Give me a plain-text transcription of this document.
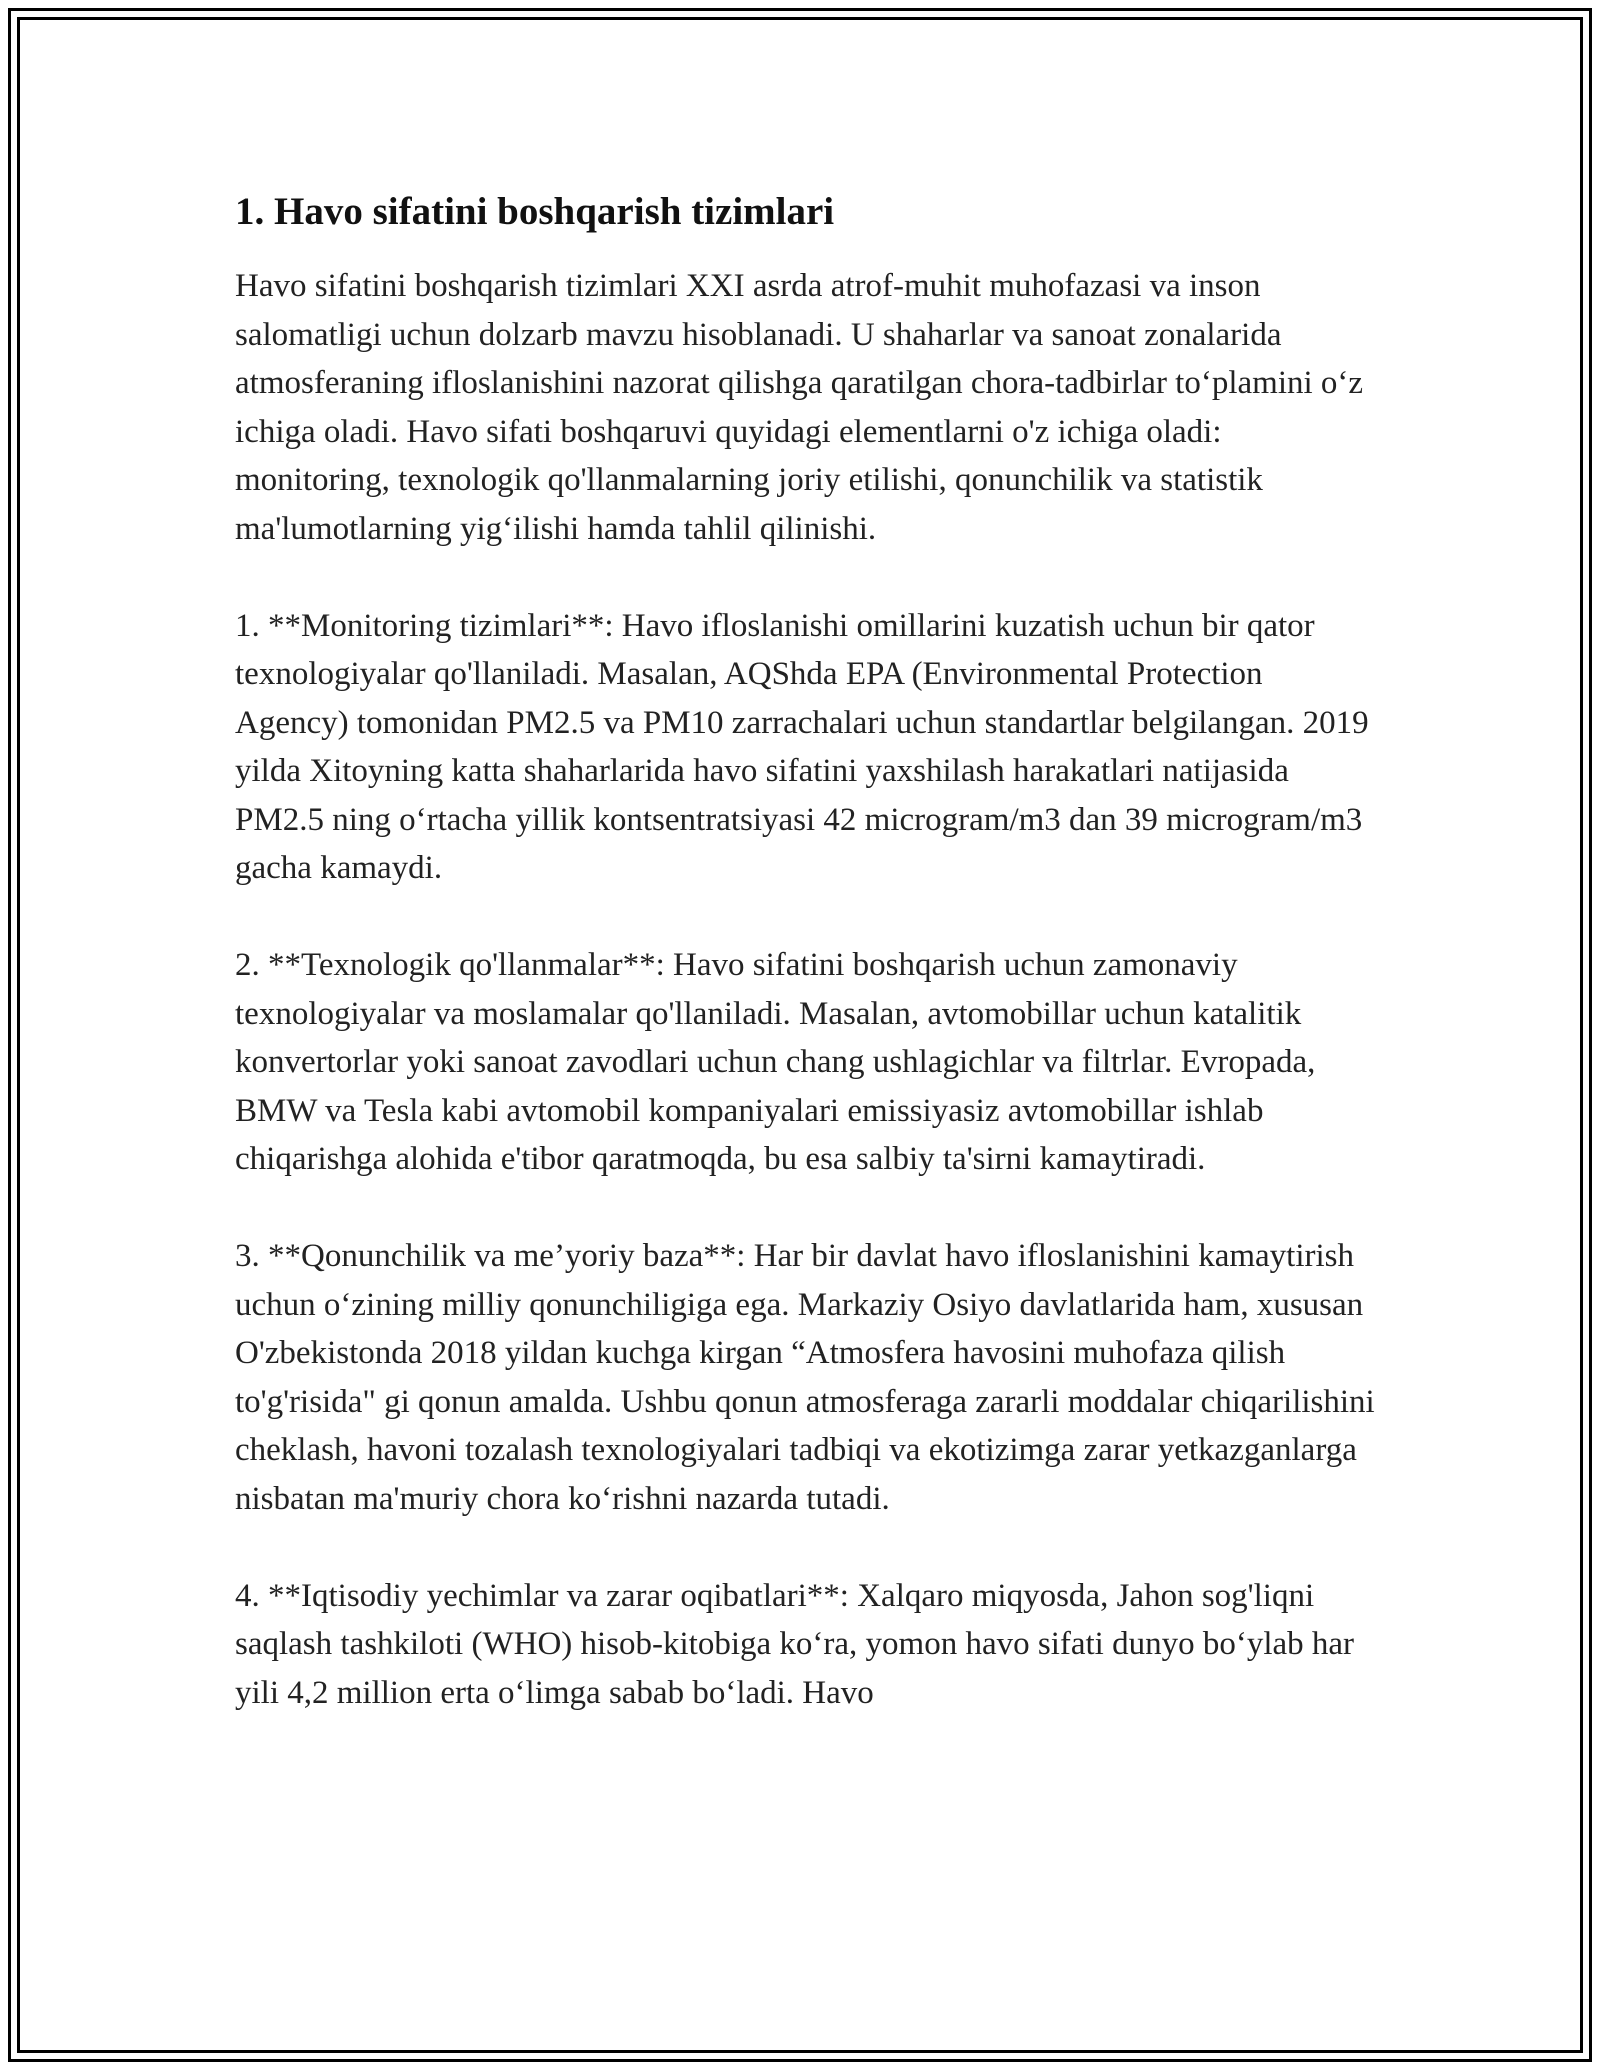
1. Havo sifatini boshqarish tizimlari

Havo sifatini boshqarish tizimlari XXI asrda atrof-muhit muhofazasi va inson salomatligi uchun dolzarb mavzu hisoblanadi. U shaharlar va sanoat zonalarida atmosferaning ifloslanishini nazorat qilishga qaratilgan chora-tadbirlar to‘plamini o‘z ichiga oladi. Havo sifati boshqaruvi quyidagi elementlarni o'z ichiga oladi: monitoring, texnologik qo'llanmalarning joriy etilishi, qonunchilik va statistik ma'lumotlarning yig‘ilishi hamda tahlil qilinishi.

1. **Monitoring tizimlari**: Havo ifloslanishi omillarini kuzatish uchun bir qator texnologiyalar qo'llaniladi. Masalan, AQShda EPA (Environmental Protection Agency) tomonidan PM2.5 va PM10 zarrachalari uchun standartlar belgilangan. 2019 yilda Xitoyning katta shaharlarida havo sifatini yaxshilash harakatlari natijasida PM2.5 ning o‘rtacha yillik kontsentratsiyasi 42 microgram/m3 dan 39 microgram/m3 gacha kamaydi.

2. **Texnologik qo'llanmalar**: Havo sifatini boshqarish uchun zamonaviy texnologiyalar va moslamalar qo'llaniladi. Masalan, avtomobillar uchun katalitik konvertorlar yoki sanoat zavodlari uchun chang ushlagichlar va filtrlar. Evropada, BMW va Tesla kabi avtomobil kompaniyalari emissiyasiz avtomobillar ishlab chiqarishga alohida e'tibor qaratmoqda, bu esa salbiy ta'sirni kamaytiradi.

3. **Qonunchilik va me’yoriy baza**: Har bir davlat havo ifloslanishini kamaytirish uchun o‘zining milliy qonunchiligiga ega. Markaziy Osiyo davlatlarida ham, xususan O'zbekistonda 2018 yildan kuchga kirgan “Atmosfera havosini muhofaza qilish to'g'risida" gi qonun amalda. Ushbu qonun atmosferaga zararli moddalar chiqarilishini cheklash, havoni tozalash texnologiyalari tadbiqi va ekotizimga zarar yetkazganlarga nisbatan ma'muriy chora ko‘rishni nazarda tutadi.

4. **Iqtisodiy yechimlar va zarar oqibatlari**: Xalqaro miqyosda, Jahon sog'liqni saqlash tashkiloti (WHO) hisob-kitobiga ko‘ra, yomon havo sifati dunyo bo‘ylab har yili 4,2 million erta o‘limga sabab bo‘ladi. Havo
